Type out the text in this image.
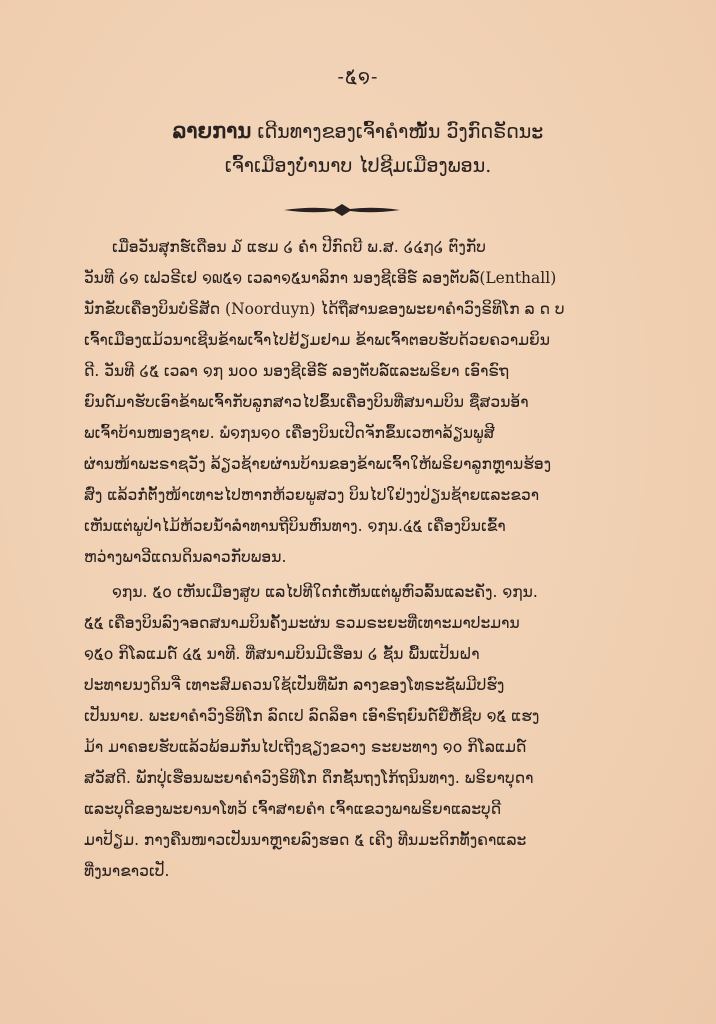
-໕໑-
ລາຍການ ເດີນທາງຂອງເຈົ້າຄຳໜັ້ນ ວົງກົດຣັດນະ
ເຈົ້າເມືອງບໍ່ານາບ ໄປຊີມເມືອງພອນ.
ເມື່ອວັນສຸກຮ໌ເດືອນ ໓ ແຮມ ໒ ຄ່ຳ ປີກົດບີ ພ.ສ. ໒໔໗໒ ຕົງກັບ
ວັນທີ ໒໑ ເຟວຣີເຢ ໑໙໕໑ ເວລາ໑໕ນາລິກາ ນອງຊີເອີຣ໌ ລອງຕັບລ໌(Lenthall)
ນັກຂັບເຄື່ອງບິນບໍຣິສັດ (Noorduyn) ໄດ້ຖືສານຂອງພະຍາຄຳວົງຣິທິໂກ ລ ດ ບ
ເຈົ້າເມືອງແມ້ວນາເຊີນຂ້າພເຈົ້າໄປຢ້ຽມຢາມ ຂ້າພເຈົ້າຕອບຮັບດ້ວຍຄວາມຍິນ
ດີ. ວັນທີ ໒໕ ເວລາ ໑໗ ນ໐໐ ນອງຊີເອີຣ໌ ລອງຕັບລ໌ແລະພຣິຍາ ເອົາຣົຖ
ຍົນດ໌ມາຮັບເອົາຂ້າພເຈົ້າກັບລູກສາວໄປຂຶ້ນເຄື່ອງບິນທີ່ສນາມບິນ ຊື່ສວນອ້າ
ພເຈົ້າບ້ານໜອງຊາຍ. ພໍ໑໗ນ໑໐ ເຄື່ອງບິນເປີດຈັກຂຶ້ນເວຫາລ້ຽນພູສີ
ຜ່ານໜ້າພະຣາຊວັງ ລ້ຽວຊ້າຍຜ່ານບ້ານຂອງຂ້າພເຈົ້າໃຫ້ພຣິຍາລູກຫຼານຮ້ອງ
ສົ່ງ ແລ້ວກໍ່ຕັ້ງໜ້າເທາະໄປຫາກຫ້ວຍພູສວງ ບິນໄປໃຢ່ງງປ່ຽນຊ້າຍແລະຂວາ
ເຫັນແຕ່ພູປ່າໄມ້ຫ້ວຍນ້ຳລຳທານຖີບິນຫົນທາງ. ໑໗ນ.໔໕ ເຄື່ອງບິນເຂົ້າ
ຫວ່າງພາວີແດນດິນລາວກັບພອນ.
໑໗ນ. ໕໐ ເຫັນເມືອງສູບ ແລໄປທີໃດກໍ່ເຫັນແຕ່ພູຫົວລົ້ນແລະຄັ່ງ. ໑໗ນ.
໕໕ ເຄື່ອງບິນລົງຈອດສນາມບິນຄັ້ງມະຜ່ນ ຣວມຣະຍະທີ່ເທາະມາປະມານ
໑໕໐ ກິໂລແມດ໌ ໔໕ ນາທີ. ທີ່ສນາມບິນມີເຮືອນ ໒ ຊັ້ນ ພື້ນແປ້ນຝາ
ປະທາຍນງດິນຈີ່ ເທາະສົມຄວນໃຊ້ເປັນທີ່ພັກ ລາງຂອງໂທຣະຊັພມີປຮົງ
ເປັນນາຍ. ພະຍາຄຳວົງຣິທິໂກ ລົດເປ ລົດລິອາ ເອົາຣົຖຍົນດ໌ຍີ່ຫໍ້ຊີບ ໑໕ ແຮງ
ມ້າ ມາຄອຍຮັບແລ້ວພ້ອມກັນໄປເຖີງຊຽງຂວາງ ຣະຍະທາງ ໑໐ ກິໂລແມດ໌
ສວັສດີ. ພັກປຸ່ເຮືອນພະຍາຄຳວົງຣິທິໂກ ດຶກຊັ້ນຖງໂກ້ຖນິນທາງ. ພຣິຍາບຸດາ
ແລະບຸດີຂອງພະຍານາໂທວ້ ເຈົ້າສາຍຄຳ ເຈົ້າແຂວງພາພຣິຍາແລະບຸດີ
ມາປ້ຽມ. ກາງຄືນໜາວເປັນນາຫຼາຍລົງຮອດ ໕ ເຄີງ ທີນມະດິກທັ້ງຄາແລະ
ທີ່ງນາຂາວເປັ.
